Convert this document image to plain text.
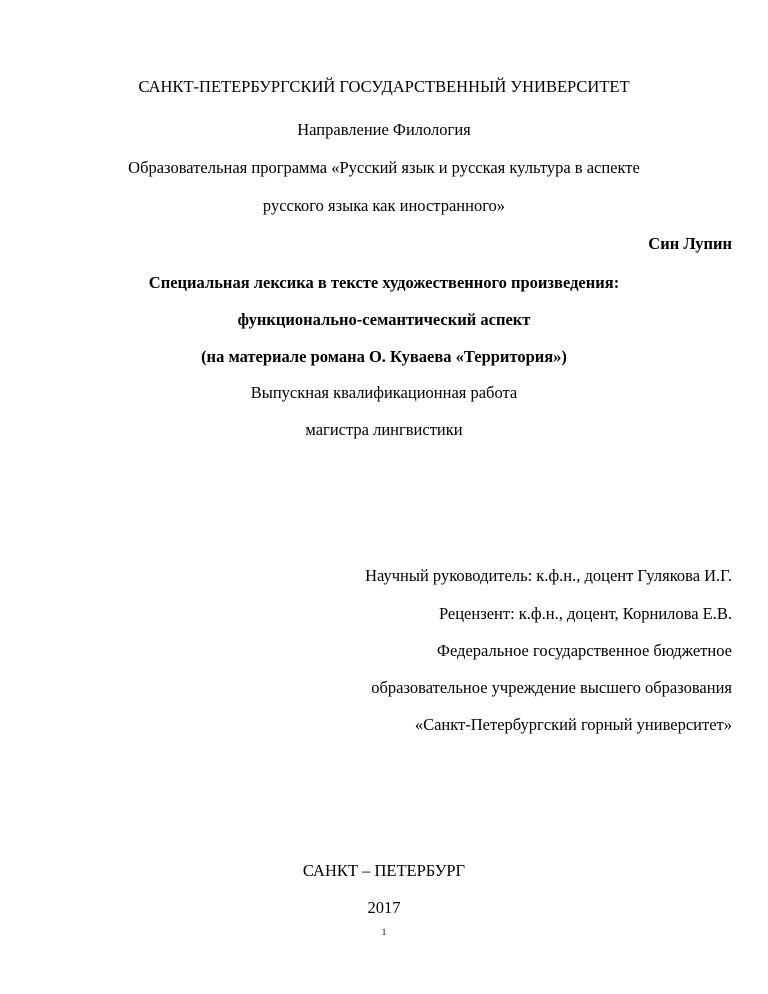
САНКТ-ПЕТЕРБУРГСКИЙ ГОСУДАРСТВЕННЫЙ УНИВЕРСИТЕТ
Направление Филология
Образовательная программа «Русский язык и русская культура в аспекте
русского языка как иностранного»
Син Лупин
Специальная лексика в тексте художественного произведения:
функционально-семантический аспект
(на материале романа О. Куваева «Территория»)
Выпускная квалификационная работа
магистра лингвистики
Научный руководитель: к.ф.н., доцент Гулякова И.Г.
Рецензент: к.ф.н., доцент, Корнилова Е.В.
Федеральное государственное бюджетное
образовательное учреждение высшего образования
«Санкт-Петербургский горный университет»
САНКТ – ПЕТЕРБУРГ
2017
1
